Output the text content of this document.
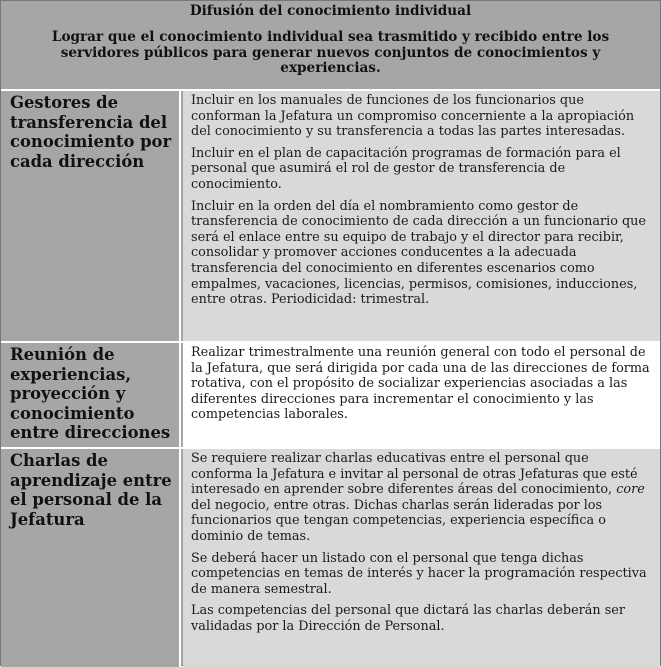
Difusión del conocimiento individual
Lograr que el conocimiento individual sea trasmitido y recibido entre los servidores públicos para generar nuevos conjuntos de conocimientos y experiencias.
Gestores de transferencia del conocimiento por cada dirección

Incluir en los manuales de funciones de los funcionarios que conforman la Jefatura un compromiso concerniente a la apropiación del conocimiento y su transferencia a todas las partes interesadas.

Incluir en el plan de capacitación programas de formación para el personal que asumirá el rol de gestor de transferencia de conocimiento.

Incluir en la orden del día el nombramiento como gestor de transferencia de conocimiento de cada dirección a un funcionario que será el enlace entre su equipo de trabajo y el director para recibir, consolidar y promover acciones conducentes a la adecuada transferencia del conocimiento en diferentes escenarios como empalmes, vacaciones, licencias, permisos, comisiones, inducciones, entre otras. Periodicidad: trimestral.

Reunión de experiencias, proyección y conocimiento entre direcciones

Realizar trimestralmente una reunión general con todo el personal de la Jefatura, que será dirigida por cada una de las direcciones de forma rotativa, con el propósito de socializar experiencias asociadas a las diferentes direcciones para incrementar el conocimiento y las competencias laborales.

Charlas de aprendizaje entre el personal de la Jefatura

Se requiere realizar charlas educativas entre el personal que conforma la Jefatura e invitar al personal de otras Jefaturas que esté interesado en aprender sobre diferentes áreas del conocimiento, core del negocio, entre otras. Dichas charlas serán lideradas por los funcionarios que tengan competencias, experiencia específica o dominio de temas.

Se deberá hacer un listado con el personal que tenga dichas competencias en temas de interés y hacer la programación respectiva de manera semestral.

Las competencias del personal que dictará las charlas deberán ser validadas por la Dirección de Personal.
